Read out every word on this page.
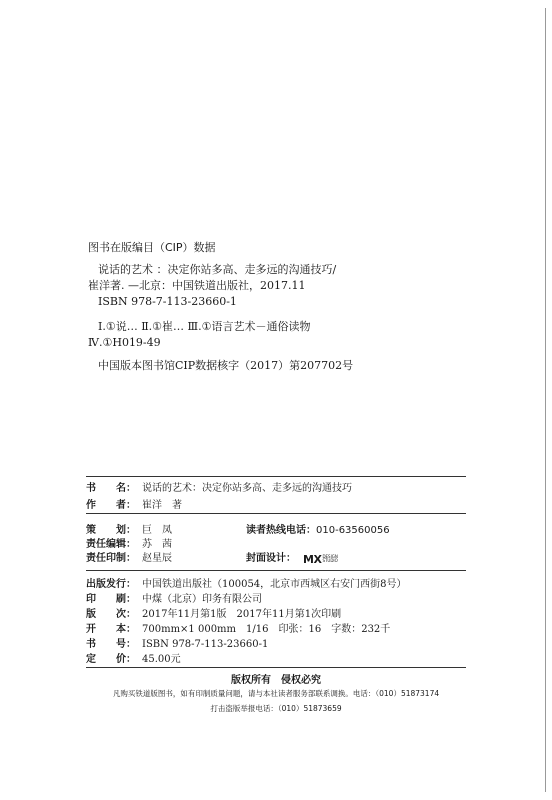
图书在版编目（CIP）数据
说话的艺术 ：决定你站多高、走多远的沟通技巧/
崔洋著. —北京：中国铁道出版社，2017.11
ISBN 978-7-113-23660-1
Ⅰ.①说… Ⅱ.①崔… Ⅲ.①语言艺术－通俗读物
Ⅳ.①H019-49
中国版本图书馆CIP数据核字（2017）第207702号
书　　名： 说话的艺术：决定你站多高、走多远的沟通技巧
作　　者： 崔洋　著
策　　划： 巨　凤	读者热线电话：010-63560056
责任编辑： 苏　茜
责任印制： 赵星辰	封面设计： MX DESIGN
STUDIO
出版发行： 中国铁道出版社（100054，北京市西城区右安门西街8号）
印　　刷： 中煤（北京）印务有限公司
版　　次： 2017年11月第1版　2017年11月第1次印刷
开　　本： 700mm×1 000mm　1/16　印张：16　字数：232千
书　　号： ISBN 978-7-113-23660-1
定　　价： 45.00元
版权所有　侵权必究
凡购买铁道版图书，如有印制质量问题，请与本社读者服务部联系调换。电话：（010）51873174
打击盗版举报电话：（010）51873659
